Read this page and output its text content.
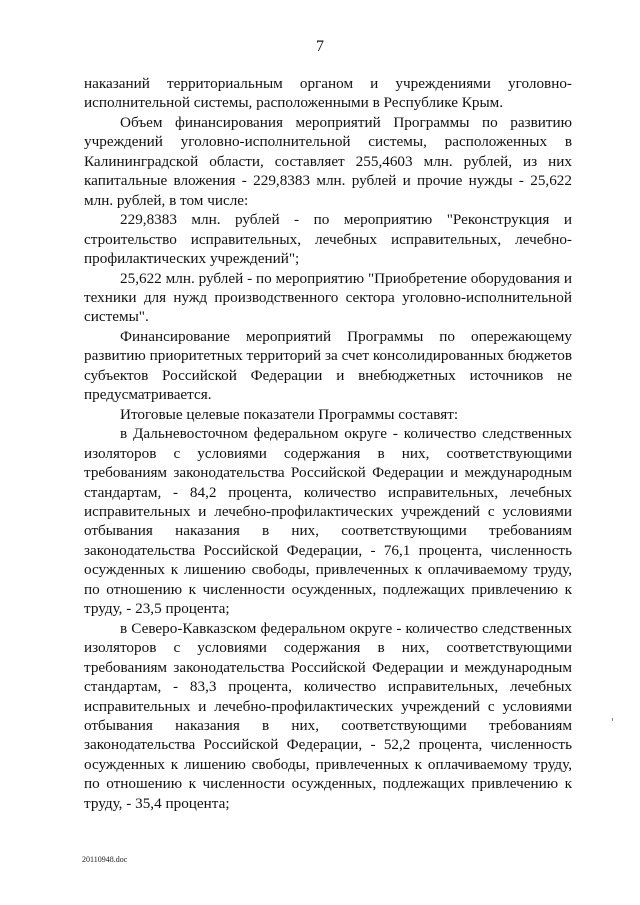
7

наказаний территориальным органом и учреждениями уголовно-исполнительной системы, расположенными в Республике Крым.

Объем финансирования мероприятий Программы по развитию учреждений уголовно-исполнительной системы, расположенных в Калининградской области, составляет 255,4603 млн. рублей, из них капитальные вложения - 229,8383 млн. рублей и прочие нужды - 25,622 млн. рублей, в том числе:

229,8383 млн. рублей - по мероприятию "Реконструкция и строительство исправительных, лечебных исправительных, лечебно-профилактических учреждений";

25,622 млн. рублей - по мероприятию "Приобретение оборудования и техники для нужд производственного сектора уголовно-исполнительной системы".

Финансирование мероприятий Программы по опережающему развитию приоритетных территорий за счет консолидированных бюджетов субъектов Российской Федерации и внебюджетных источников не предусматривается.

Итоговые целевые показатели Программы составят:

в Дальневосточном федеральном округе - количество следственных изоляторов с условиями содержания в них, соответствующими требованиям законодательства Российской Федерации и международным стандартам, - 84,2 процента, количество исправительных, лечебных исправительных и лечебно-профилактических учреждений с условиями отбывания наказания в них, соответствующими требованиям законодательства Российской Федерации, - 76,1 процента, численность осужденных к лишению свободы, привлеченных к оплачиваемому труду, по отношению к численности осужденных, подлежащих привлечению к труду, - 23,5 процента;

в Северо-Кавказском федеральном округе - количество следственных изоляторов с условиями содержания в них, соответствующими требованиям законодательства Российской Федерации и международным стандартам, - 83,3 процента, количество исправительных, лечебных исправительных и лечебно-профилактических учреждений с условиями отбывания наказания в них, соответствующими требованиям законодательства Российской Федерации, - 52,2 процента, численность осужденных к лишению свободы, привлеченных к оплачиваемому труду, по отношению к численности осужденных, подлежащих привлечению к труду, - 35,4 процента;

20110948.doc
